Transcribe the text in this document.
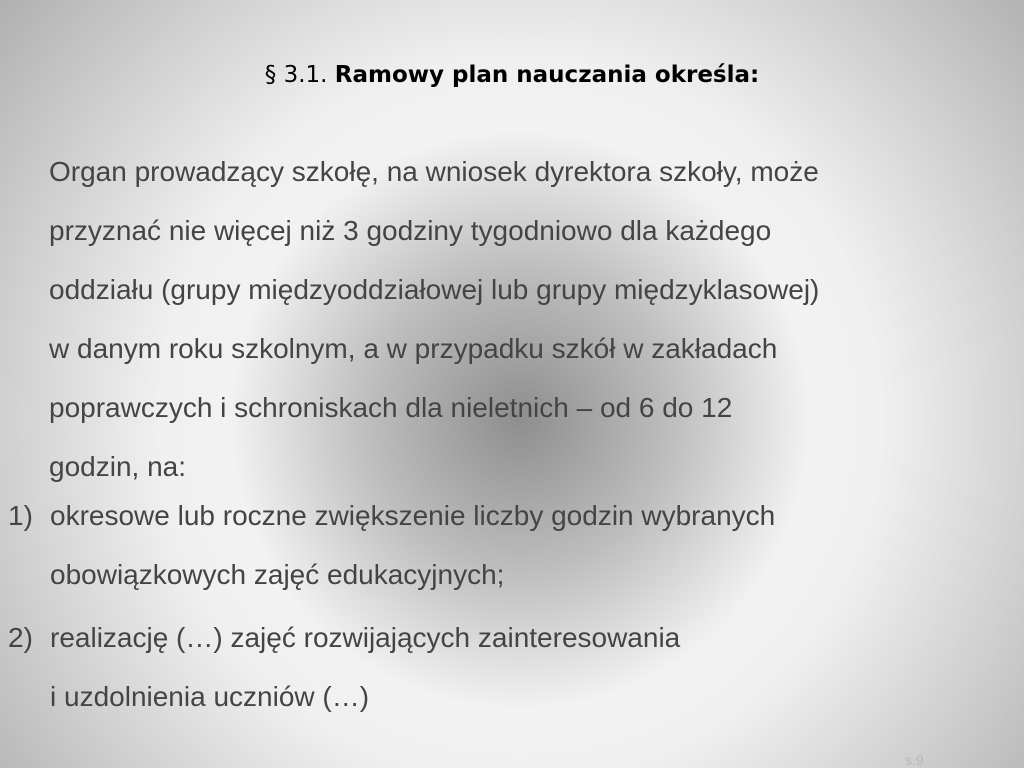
§ 3.1. Ramowy plan nauczania określa:
Organ prowadzący szkołę, na wniosek dyrektora szkoły, może
przyznać nie więcej niż 3 godziny tygodniowo dla każdego
oddziału (grupy międzyoddziałowej lub grupy międzyklasowej)
w danym roku szkolnym, a w przypadku szkół w zakładach
poprawczych i schroniskach dla nieletnich – od 6 do 12
godzin, na:
1) okresowe lub roczne zwiększenie liczby godzin wybranych
obowiązkowych zajęć edukacyjnych;
2) realizację (…) zajęć rozwijających zainteresowania
i uzdolnienia uczniów (…)
s.9
